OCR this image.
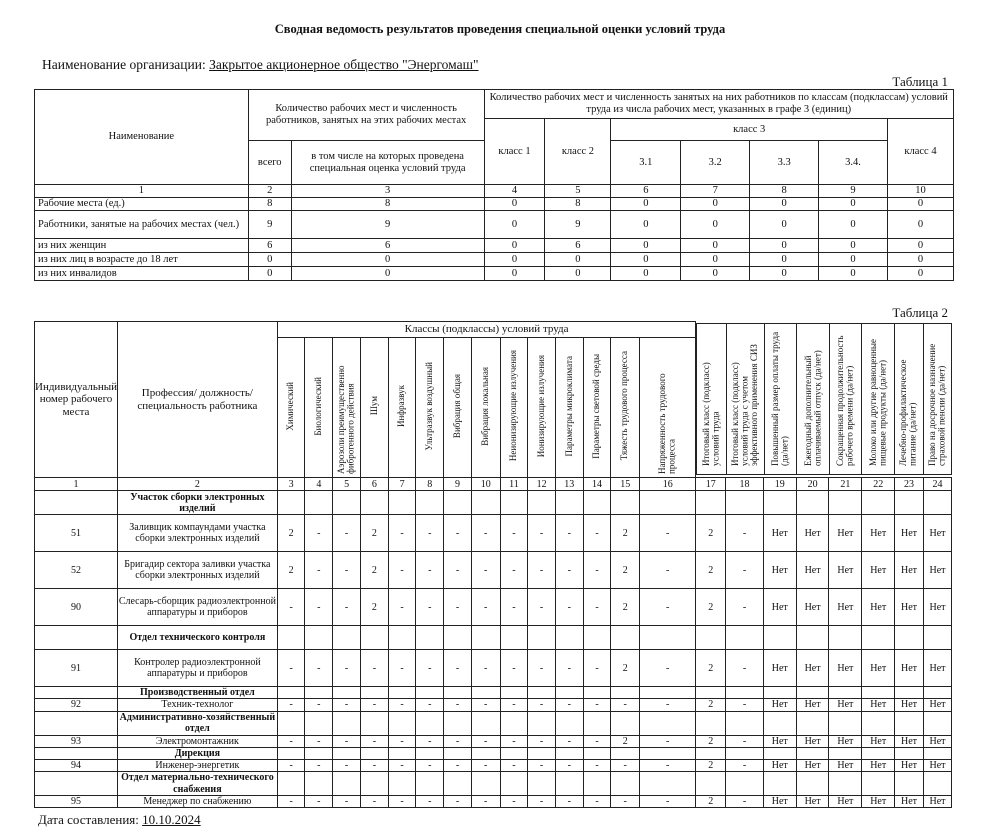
Сводная ведомость результатов проведения специальной оценки условий труда
Наименование организации: Закрытое акционерное общество "Энергомаш"
Таблица 1
Наименование	Количество рабочих мест и численность работников, занятых на этих рабочих местах		Количество рабочих мест и численность занятых на них работников по классам (подклассам) условий труда из числа рабочих мест, указанных в графе 3 (единиц)						
			класс 1	класс 2	класс 3				класс 4
	всего	в том числе на которых проведена специальная оценка условий труда			3.1	3.2	3.3	3.4.	
1	2	3	4	5	6	7	8	9	10
Рабочие места (ед.)	8	8	0	8	0	0	0	0	0
Работники, занятые на рабочих местах (чел.)	9	9	0	9	0	0	0	0	0
из них женщин	6	6	0	6	0	0	0	0	0
из них лиц в возрасте до 18 лет	0	0	0	0	0	0	0	0	0
из них инвалидов	0	0	0	0	0	0	0	0	0
Таблица 2
Индивидуальный номер рабочего места	Профессия/ должность/ специальность работника	Классы (подклассы) условий труда	
Итоговый класс (подкласс) условий труда	Итоговый класс (подкласс) условий труда с учетом эффективного применения СИЗ	Повышенный размер оплаты труда (да/нет)	Ежегодный дополнительный оплачиваемый отпуск (да/нет)	Сокращенная продолжительность рабочего времени (да/нет)	Молоко или другие равноценные пищевые продукты (да/нет)	Лечебно-профилактическое питание (да/нет)	Право на досрочное назначение страховой пенсии (да/нет)

Химический	Биологический	Аэрозоли преимущественно фиброгенного действия	Шум	Инфразвук	Ультразвук воздушный	Вибрация общая	Вибрация локальная	Неионизирующие излучения	Ионизирующие излучения	Параметры микроклимата	Параметры световой среды	Тяжесть трудового процесса	Напряженность трудового процесса
1	2	3	4	5	6	7	8	9	10	11	12	13	14	15	16	17	18	19	20	21	22	23	24
	Участок сборки электронных изделий																						
51	Заливщик компаундами участка сборки электронных изделий	2	-	-	2	-	-	-	-	-	-	-	-	2	-	2	-	Нет	Нет	Нет	Нет	Нет	Нет
52	Бригадир сектора заливки участка сборки электронных изделий	2	-	-	2	-	-	-	-	-	-	-	-	2	-	2	-	Нет	Нет	Нет	Нет	Нет	Нет
90	Слесарь-сборщик радиоэлектронной аппаратуры и приборов	-	-	-	2	-	-	-	-	-	-	-	-	2	-	2	-	Нет	Нет	Нет	Нет	Нет	Нет
	Отдел технического контроля																						
91	Контролер радиоэлектронной аппаратуры и приборов	-	-	-	-	-	-	-	-	-	-	-	-	2	-	2	-	Нет	Нет	Нет	Нет	Нет	Нет
	Производственный отдел																						
92	Техник-технолог	-	-	-	-	-	-	-	-	-	-	-	-	-	-	2	-	Нет	Нет	Нет	Нет	Нет	Нет
	Административно-хозяйственный отдел																						
93	Электромонтажник	-	-	-	-	-	-	-	-	-	-	-	-	2	-	2	-	Нет	Нет	Нет	Нет	Нет	Нет
	Дирекция																						
94	Инженер-энергетик	-	-	-	-	-	-	-	-	-	-	-	-	-	-	2	-	Нет	Нет	Нет	Нет	Нет	Нет
	Отдел материально-технического снабжения																						
95	Менеджер по снабжению	-	-	-	-	-	-	-	-	-	-	-	-	-	-	2	-	Нет	Нет	Нет	Нет	Нет	Нет
Дата составления: 10.10.2024
